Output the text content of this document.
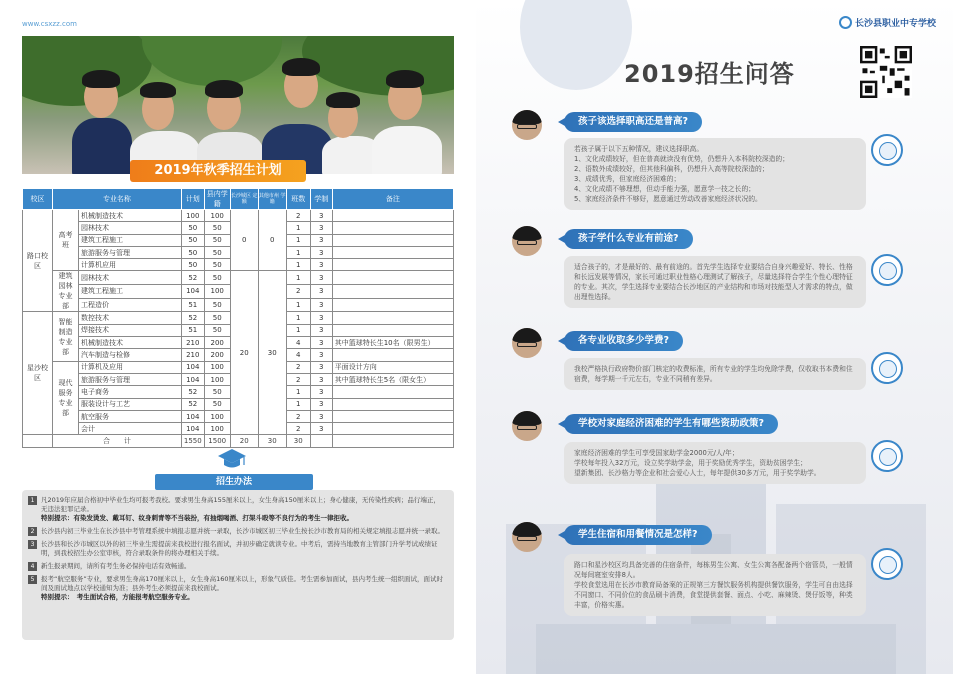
www.csxzz.com
2019年秋季招生计划
校区	专业名称		计划	县内学籍	长沙城区 定额	其他市州 学籍	班数	学制	备注
路口校区	高考班	机械制造技术	100	100	0	0	2	3	
		园林技术	50	50			1	3	
		建筑工程施工	50	50			1	3	
		旅游服务与管理	50	50			1	3	
		计算机应用	50	50			1	3	
	建筑园林专业部	园林技术	52	50	20	30	1	3	
		建筑工程施工	104	100			2	3	
		工程造价	51	50			1	3	
星沙校区	智能制造专业部	数控技术	52	50			1	3	
		焊接技术	51	50			1	3	
		机械制造技术	210	200			4	3	其中篮球特长生10名（限男生）
		汽车制造与检修	210	200			4	3	
	现代服务专业部	计算机及应用	104	100			2	3	平面设计方向
		旅游服务与管理	104	100			2	3	其中篮球特长生5名（限女生）
		电子商务	52	50			1	3	
		服装设计与工艺	52	50			1	3	
		航空服务	104	100			2	3	
		会计	104	100			2	3	
	合　　计		1550	1500	20	30	30		
招生办法
1	凡2019年应届合格初中毕业生均可报考我校。要求男生身高155厘米以上，女生身高150厘米以上；身心健康，无传染性疾病；品行端正，无违法犯罪记录。
特别提示：有染发烫发、戴耳钉、纹身刺青等不当装扮，有抽烟喝酒、打架斗殴等不良行为的考生一律拒收。
2	长沙县内初三毕业生在长沙县中考管理系统中填报志愿并统一录取，长沙市城区初三毕业生按长沙市教育局的相关规定填报志愿并统一录取。
3	长沙县和长沙市城区以外的初三毕业生需提前来我校进行报名面试，并初步确定就读专业。中考后，需持当地教育主管部门升学考试成绩证明，到我校招生办公室审核，符合录取条件的将办理相关手续。
4	新生报录期间，请所有考生务必保持电话有效畅通。
5	报考“航空服务”专业，要求男生身高170厘米以上，女生身高160厘米以上，形象气质佳。考生需参加面试，县内考生统一组织面试，面试时间及面试地点以学校通知为准；县外考生必须提前来我校面试。
特别提示：　考生面试合格，方能报考航空服务专业。
长沙县职业中专学校
2019招生问答
孩子该选择职高还是普高?

若孩子属于以下五种情况，建议选择职高。

1、文化成绩较好，但在普高就读没有优势，仍想升入本科院校深造的；

2、语数外成绩较好，但其他科偏科，仍想升入高等院校深造的；

3、成绩优秀，但家庭经济困难的；

4、文化成绩不够理想，但动手能力强，愿意学一技之长的；

5、家庭经济条件不够好，愿意通过劳动改善家庭经济状况的。

孩子学什么专业有前途?

适合孩子的，才是最好的、最有前途的。首先学生选择专业要结合自身兴趣爱好、特长、性格和长远发展等情况，家长可通过职业性格心理测试了解孩子，尽量选择符合学生个性心理特征的专业。其次，学生选择专业要结合长沙地区的产业结构和市场对技能型人才需求的特点，做出理性选择。

各专业收取多少学费?

我校严格执行政府物价部门核定的收费标准，所有专业的学生均免除学费，仅收取书本费和住宿费，每学期一千元左右，专业不同稍有差异。

学校对家庭经济困难的学生有哪些资助政策?

家庭经济困难的学生可享受国家助学金2000元/人/年；

学校每年投入32万元，设立奖学助学金，用于奖励优秀学生，资助贫困学生；

望新集团、长沙格力等企业和社会爱心人士，每年提供30多万元，用于奖学助学。

学生住宿和用餐情况是怎样?

路口和星沙校区均具备完善的住宿条件，每栋男生公寓、女生公寓各配备两个宿管员，一般情况每间寝室安排8人。

学校食堂选用在长沙市教育局备案的正规第三方餐饮服务机构提供餐饮服务，学生可自由选择不同窗口、不同价位的食品刷卡消费，食堂提供套餐、面点、小吃、麻辣烫、煲仔饭等，种类丰富，价格实惠。
